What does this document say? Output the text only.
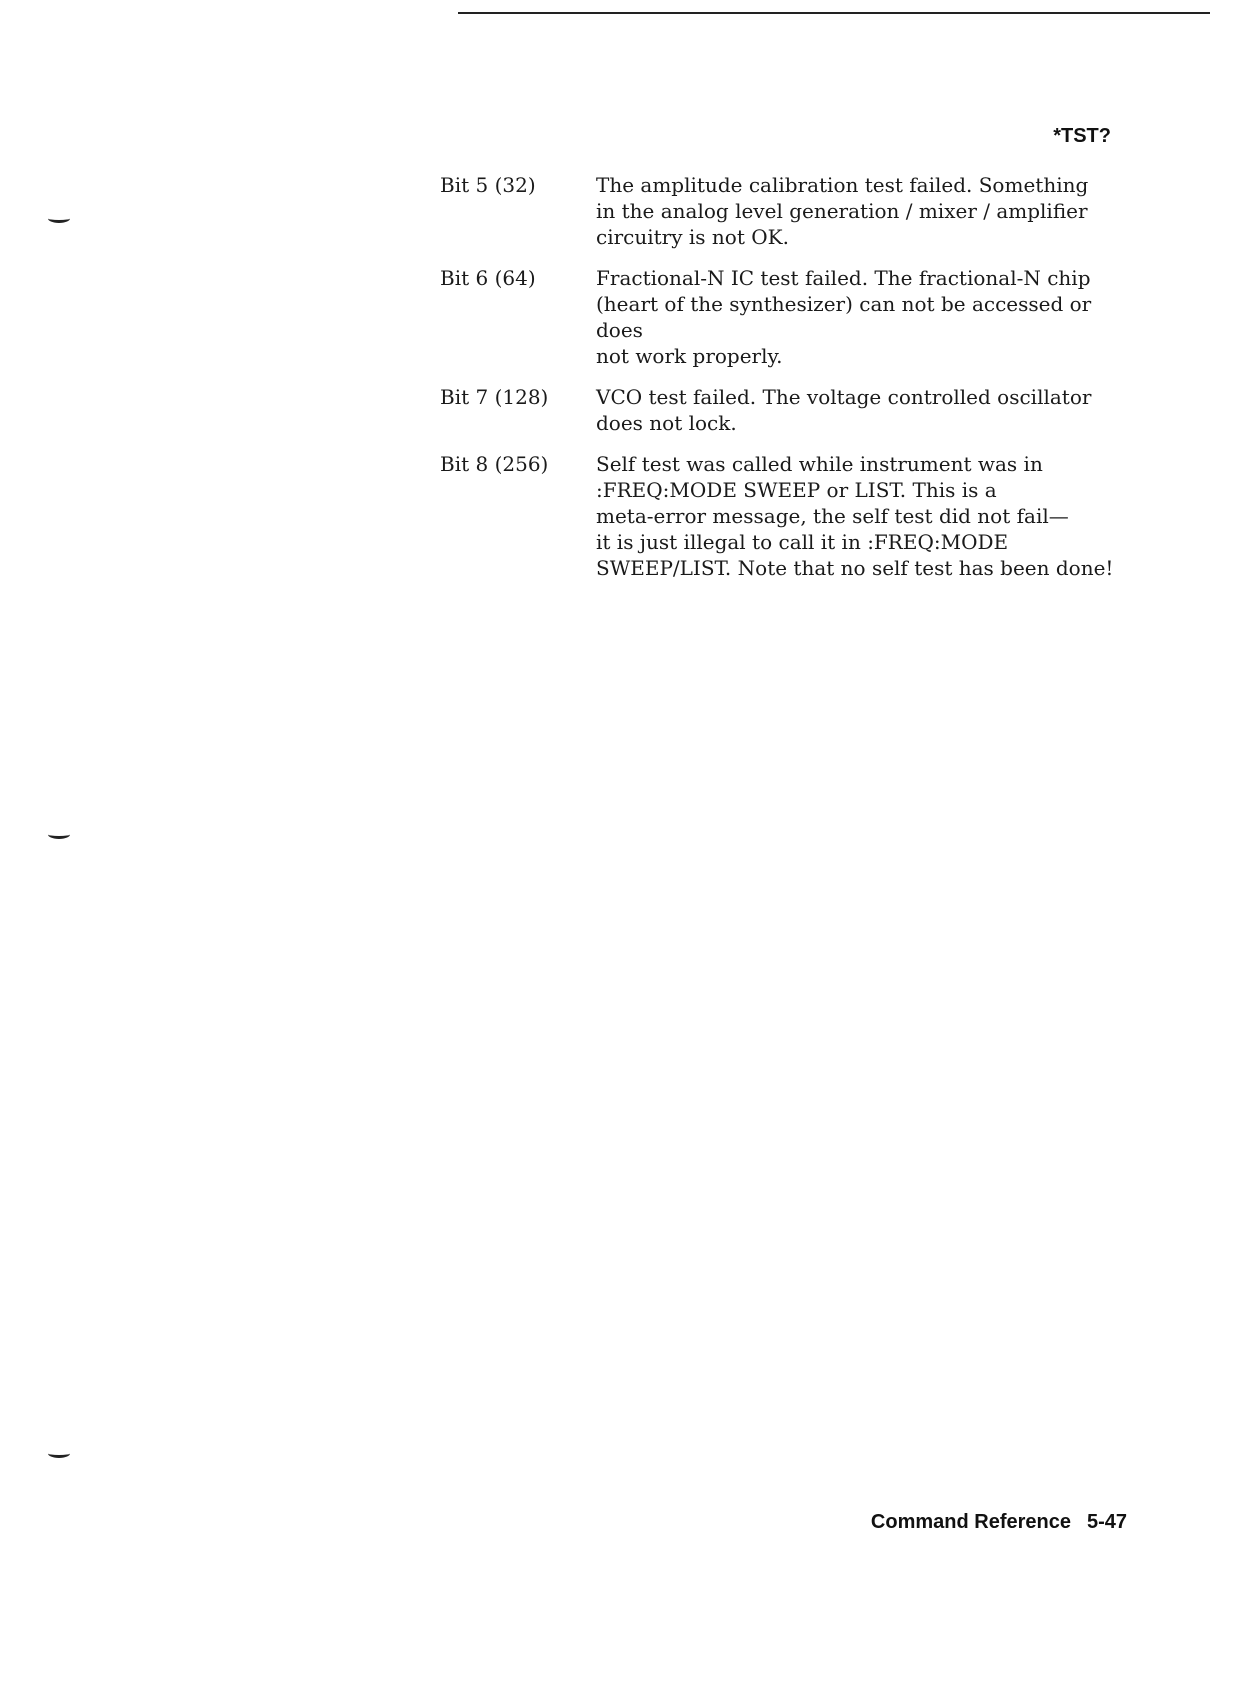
*TST?
Bit 5 (32)	The amplitude calibration test failed. Something
in the analog level generation / mixer / amplifier
circuitry is not OK.
Bit 6 (64)	Fractional-N IC test failed. The fractional-N chip
(heart of the synthesizer) can not be accessed or does
not work properly.
Bit 7 (128)	VCO test failed. The voltage controlled oscillator
does not lock.
Bit 8 (256)	Self test was called while instrument was in
:FREQ:MODE SWEEP or LIST. This is a
meta-error message, the self test did not fail—
it is just illegal to call it in :FREQ:MODE
SWEEP/LIST. Note that no self test has been done!
Command Reference 5-47
